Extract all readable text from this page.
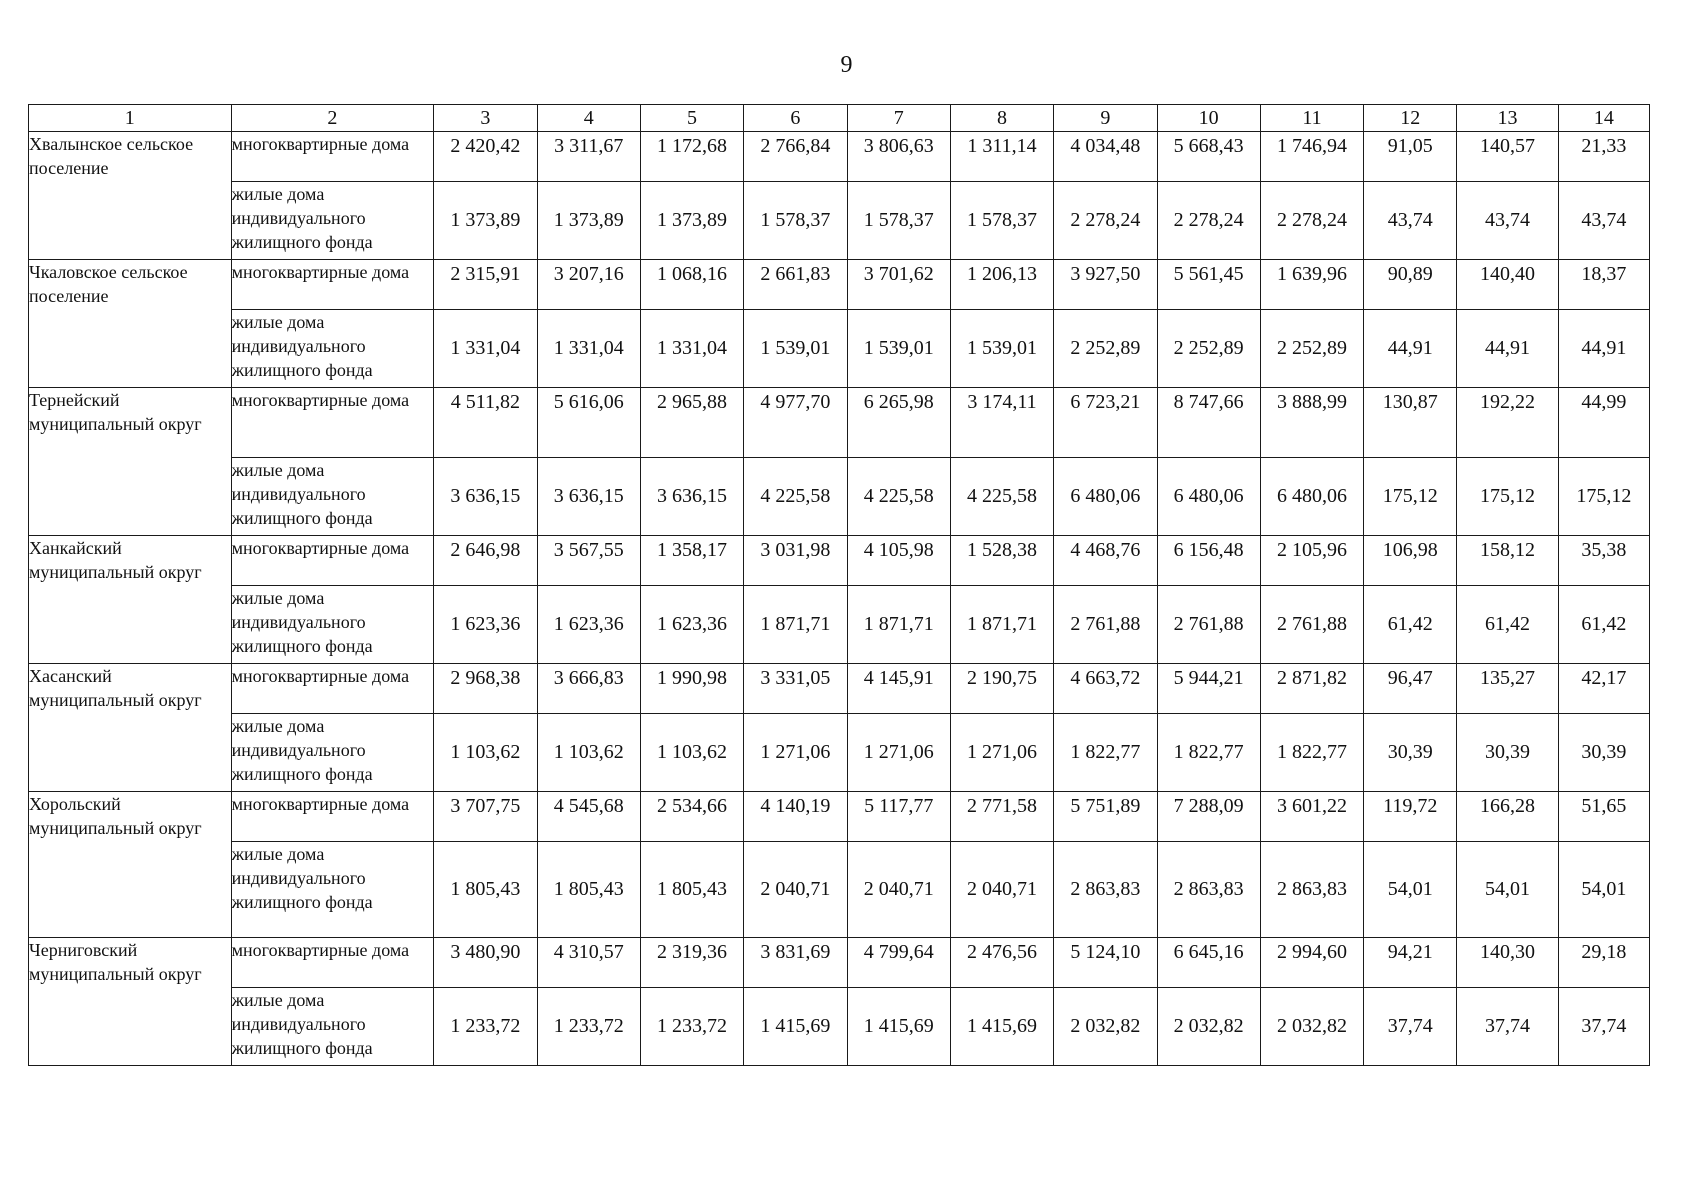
9
1	2	3	4	5	6	7	8	9	10	11	12	13	14
Хвалынское сельское поселение	многоквартирные дома	2 420,42	3 311,67	1 172,68	2 766,84	3 806,63	1 311,14	4 034,48	5 668,43	1 746,94	91,05	140,57	21,33
	жилые дома индивидуального жилищного фонда	1 373,89	1 373,89	1 373,89	1 578,37	1 578,37	1 578,37	2 278,24	2 278,24	2 278,24	43,74	43,74	43,74
Чкаловское сельское поселение	многоквартирные дома	2 315,91	3 207,16	1 068,16	2 661,83	3 701,62	1 206,13	3 927,50	5 561,45	1 639,96	90,89	140,40	18,37
	жилые дома индивидуального жилищного фонда	1 331,04	1 331,04	1 331,04	1 539,01	1 539,01	1 539,01	2 252,89	2 252,89	2 252,89	44,91	44,91	44,91
Тернейский муниципальный округ	многоквартирные дома	4 511,82	5 616,06	2 965,88	4 977,70	6 265,98	3 174,11	6 723,21	8 747,66	3 888,99	130,87	192,22	44,99
	жилые дома индивидуального жилищного фонда	3 636,15	3 636,15	3 636,15	4 225,58	4 225,58	4 225,58	6 480,06	6 480,06	6 480,06	175,12	175,12	175,12
Ханкайский муниципальный округ	многоквартирные дома	2 646,98	3 567,55	1 358,17	3 031,98	4 105,98	1 528,38	4 468,76	6 156,48	2 105,96	106,98	158,12	35,38
	жилые дома индивидуального жилищного фонда	1 623,36	1 623,36	1 623,36	1 871,71	1 871,71	1 871,71	2 761,88	2 761,88	2 761,88	61,42	61,42	61,42
Хасанский муниципальный округ	многоквартирные дома	2 968,38	3 666,83	1 990,98	3 331,05	4 145,91	2 190,75	4 663,72	5 944,21	2 871,82	96,47	135,27	42,17
	жилые дома индивидуального жилищного фонда	1 103,62	1 103,62	1 103,62	1 271,06	1 271,06	1 271,06	1 822,77	1 822,77	1 822,77	30,39	30,39	30,39
Хорольский муниципальный округ	многоквартирные дома	3 707,75	4 545,68	2 534,66	4 140,19	5 117,77	2 771,58	5 751,89	7 288,09	3 601,22	119,72	166,28	51,65
	жилые дома индивидуального жилищного фонда	1 805,43	1 805,43	1 805,43	2 040,71	2 040,71	2 040,71	2 863,83	2 863,83	2 863,83	54,01	54,01	54,01
Черниговский муниципальный округ	многоквартирные дома	3 480,90	4 310,57	2 319,36	3 831,69	4 799,64	2 476,56	5 124,10	6 645,16	2 994,60	94,21	140,30	29,18
	жилые дома индивидуального жилищного фонда	1 233,72	1 233,72	1 233,72	1 415,69	1 415,69	1 415,69	2 032,82	2 032,82	2 032,82	37,74	37,74	37,74
